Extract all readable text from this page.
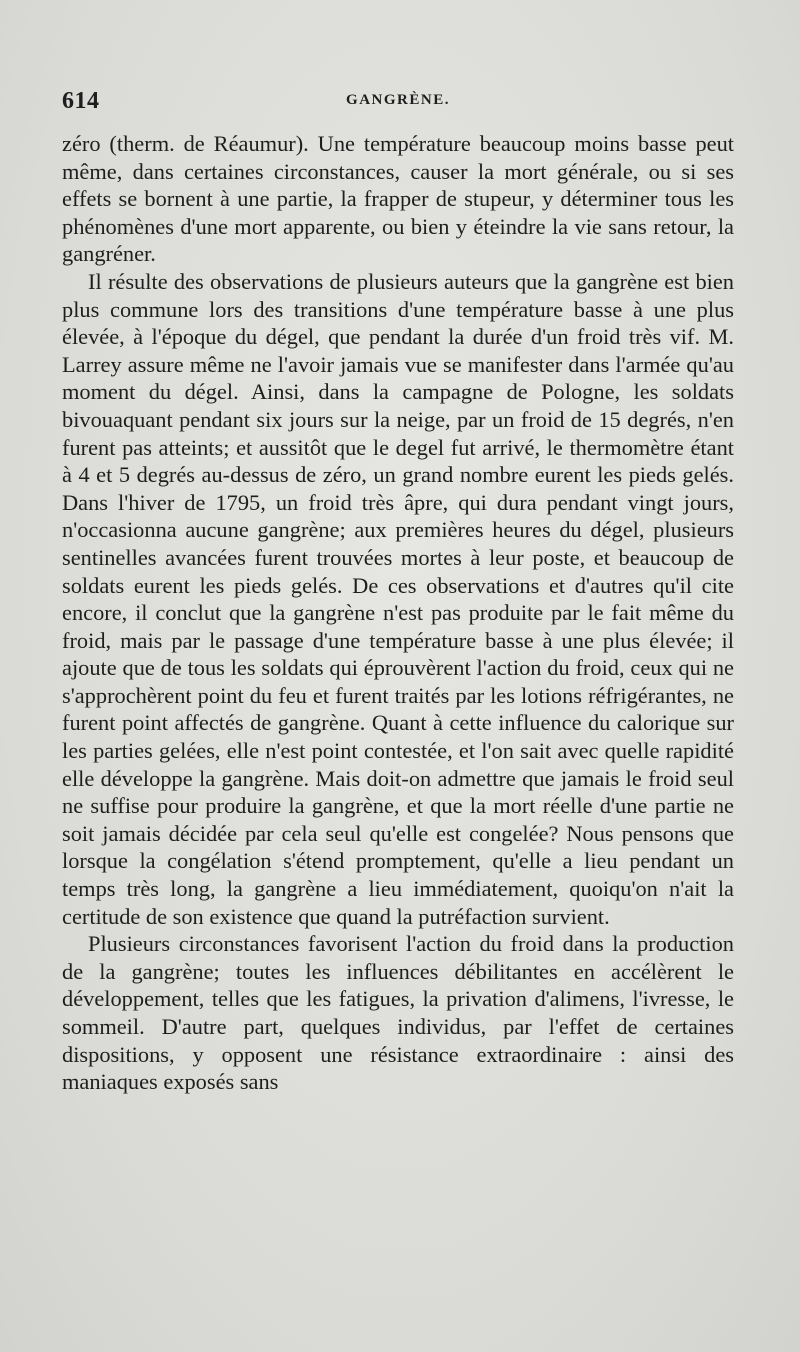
614	GANGRÈNE.

zéro (therm. de Réaumur). Une température beaucoup moins basse peut même, dans certaines circonstances, causer la mort générale, ou si ses effets se bornent à une partie, la frapper de stupeur, y déterminer tous les phénomènes d'une mort apparente, ou bien y éteindre la vie sans retour, la gangréner.

Il résulte des observations de plusieurs auteurs que la gangrène est bien plus commune lors des transitions d'une température basse à une plus élevée, à l'époque du dégel, que pendant la durée d'un froid très vif. M. Larrey assure même ne l'avoir jamais vue se manifester dans l'armée qu'au moment du dégel. Ainsi, dans la campagne de Pologne, les soldats bivouaquant pendant six jours sur la neige, par un froid de 15 degrés, n'en furent pas atteints; et aussitôt que le degel fut arrivé, le thermomètre étant à 4 et 5 degrés au-dessus de zéro, un grand nombre eurent les pieds gelés. Dans l'hiver de 1795, un froid très âpre, qui dura pendant vingt jours, n'occasionna aucune gangrène; aux premières heures du dégel, plusieurs sentinelles avancées furent trouvées mortes à leur poste, et beaucoup de soldats eurent les pieds gelés. De ces observations et d'autres qu'il cite encore, il conclut que la gangrène n'est pas produite par le fait même du froid, mais par le passage d'une température basse à une plus élevée; il ajoute que de tous les soldats qui éprouvèrent l'action du froid, ceux qui ne s'approchèrent point du feu et furent traités par les lotions réfrigérantes, ne furent point affectés de gangrène. Quant à cette influence du calorique sur les parties gelées, elle n'est point contestée, et l'on sait avec quelle rapidité elle développe la gangrène. Mais doit-on admettre que jamais le froid seul ne suffise pour produire la gangrène, et que la mort réelle d'une partie ne soit jamais décidée par cela seul qu'elle est congelée? Nous pensons que lorsque la congélation s'étend promptement, qu'elle a lieu pendant un temps très long, la gangrène a lieu immédiatement, quoiqu'on n'ait la certitude de son existence que quand la putréfaction survient.

Plusieurs circonstances favorisent l'action du froid dans la production de la gangrène; toutes les influences débilitantes en accélèrent le développement, telles que les fatigues, la privation d'alimens, l'ivresse, le sommeil. D'autre part, quelques individus, par l'effet de certaines dispositions, y opposent une résistance extraordinaire : ainsi des maniaques exposés sans
